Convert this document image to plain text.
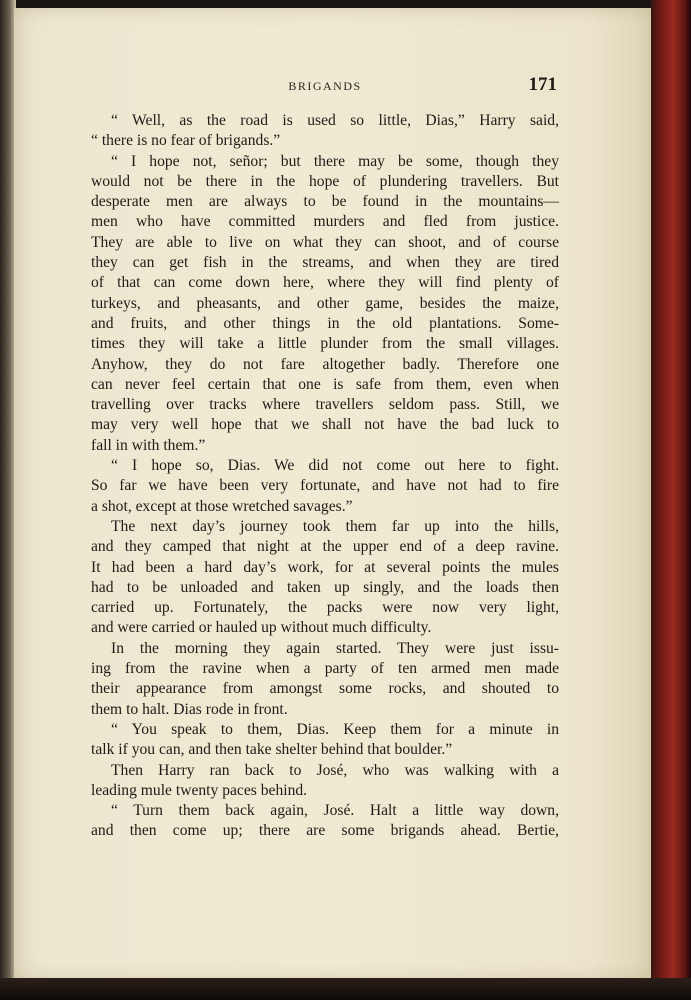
ı
ı
ɩ
ı
ɩ
ı
ı
ɩ
ı
ɩ
ı
ı
ı
ı
ı
ı
ı
ı
BRIGANDS	171
“ Well, as the road is used so little, Dias,” Harry said,
“ there is no fear of brigands.”
“ I hope not, señor; but there may be some, though they
would not be there in the hope of plundering travellers. But
desperate men are always to be found in the mountains—
men who have committed murders and fled from justice.
They are able to live on what they can shoot, and of course
they can get fish in the streams, and when they are tired
of that can come down here, where they will find plenty of
turkeys, and pheasants, and other game, besides the maize,
and fruits, and other things in the old plantations. Some-
times they will take a little plunder from the small villages.
Anyhow, they do not fare altogether badly. Therefore one
can never feel certain that one is safe from them, even when
travelling over tracks where travellers seldom pass. Still, we
may very well hope that we shall not have the bad luck to
fall in with them.”
“ I hope so, Dias. We did not come out here to fight.
So far we have been very fortunate, and have not had to fire
a shot, except at those wretched savages.”
The next day’s journey took them far up into the hills,
and they camped that night at the upper end of a deep ravine.
It had been a hard day’s work, for at several points the mules
had to be unloaded and taken up singly, and the loads then
carried up. Fortunately, the packs were now very light,
and were carried or hauled up without much difficulty.
In the morning they again started. They were just issu-
ing from the ravine when a party of ten armed men made
their appearance from amongst some rocks, and shouted to
them to halt. Dias rode in front.
“ You speak to them, Dias. Keep them for a minute in
talk if you can, and then take shelter behind that boulder.”
Then Harry ran back to José, who was walking with a
leading mule twenty paces behind.
“ Turn them back again, José. Halt a little way down,
and then come up; there are some brigands ahead. Bertie,
